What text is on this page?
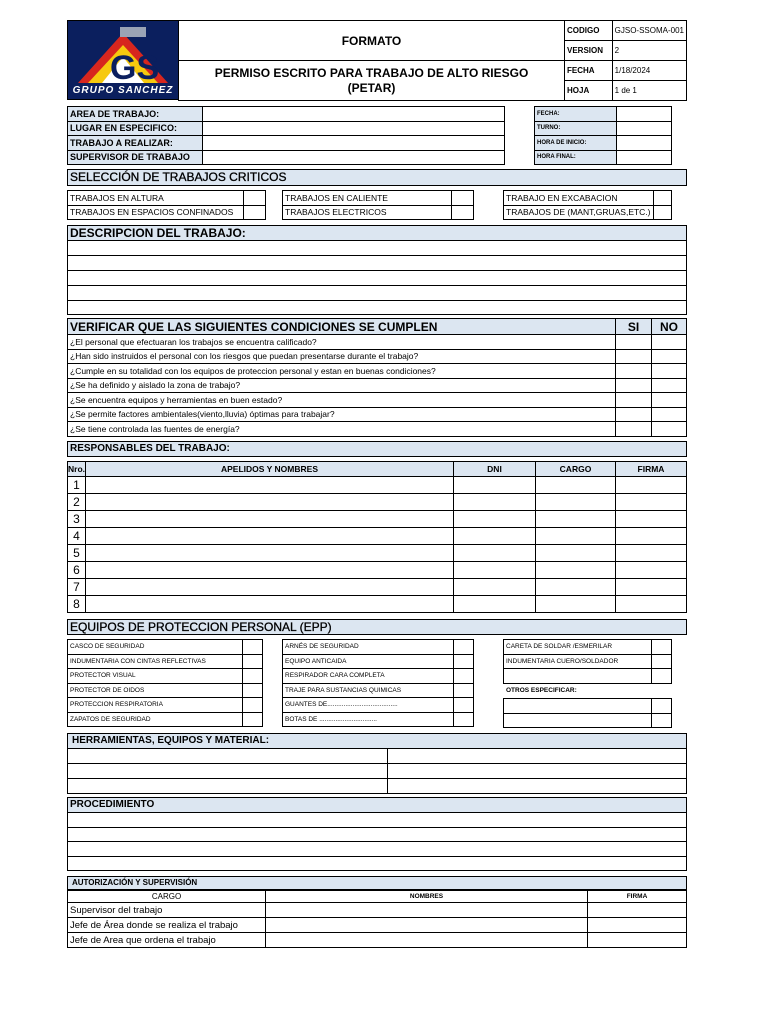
GS
GRUPO SANCHEZ
FORMATO
PERMISO ESCRITO PARA TRABAJO DE ALTO RIESGO
(PETAR)
CODIGO	GJSO-SSOMA-001
VERSION	2
FECHA	1/18/2024
HOJA	1 de 1
AREA DE TRABAJO:	
LUGAR EN ESPECIFICO:	
TRABAJO A REALIZAR:	
SUPERVISOR DE TRABAJO	
FECHA:	
TURNO:	
HORA DE INICIO:	
HORA FINAL:	
SELECCIÓN DE TRABAJOS CRITICOS
TRABAJOS EN ALTURA	
TRABAJOS EN ESPACIOS CONFINADOS	
TRABAJOS EN CALIENTE	
TRABAJOS ELECTRICOS	
TRABAJO EN EXCABACION	
TRABAJOS DE (MANT,GRUAS,ETC.)	
DESCRIPCION DEL TRABAJO:
VERIFICAR QUE LAS SIGUIENTES CONDICIONES SE CUMPLEN	SI	NO
¿El personal que efectuaran los trabajos se encuentra calificado?		
¿Han sido instruidos el personal con los riesgos que puedan presentarse durante el trabajo?		
¿Cumple en su totalidad con los equipos de proteccion personal y estan en buenas condiciones?		
¿Se ha definido y aislado la zona de trabajo?		
¿Se encuentra equipos y herramientas en buen estado?		
¿Se permite factores ambientales(viento,lluvia) óptimas para trabajar?		
¿Se tiene controlada las fuentes de energía?		
RESPONSABLES DEL TRABAJO:
Nro.	APELIDOS Y NOMBRES	DNI	CARGO	FIRMA
1				
2				
3				
4				
5				
6				
7				
8				
EQUIPOS DE PROTECCION PERSONAL (EPP)
CASCO DE SEGURIDAD	
INDUMENTARIA CON CINTAS REFLECTIVAS	
PROTECTOR VISUAL	
PROTECTOR DE OIDOS	
PROTECCION RESPIRATORIA	
ZAPATOS DE SEGURIDAD	
ARNÉS DE SEGURIDAD	
EQUIPO ANTICAIDA	
RESPIRADOR CARA COMPLETA	
TRAJE PARA SUSTANCIAS QUIMICAS	
GUANTES DE.......................................	
BOTAS DE ................................	
CARETA DE SOLDAR /ESMERILAR	
INDUMENTARIA CUERO/SOLDADOR	

OTROS ESPECIFICAR:

HERRAMIENTAS, EQUIPOS Y MATERIAL:

PROCEDIMIENTO
AUTORIZACIÓN Y SUPERVISIÓN
CARGO	NOMBRES	FIRMA
Supervisor del trabajo		
Jefe de Área donde se realiza el trabajo		
Jefe de Area que ordena el trabajo		
